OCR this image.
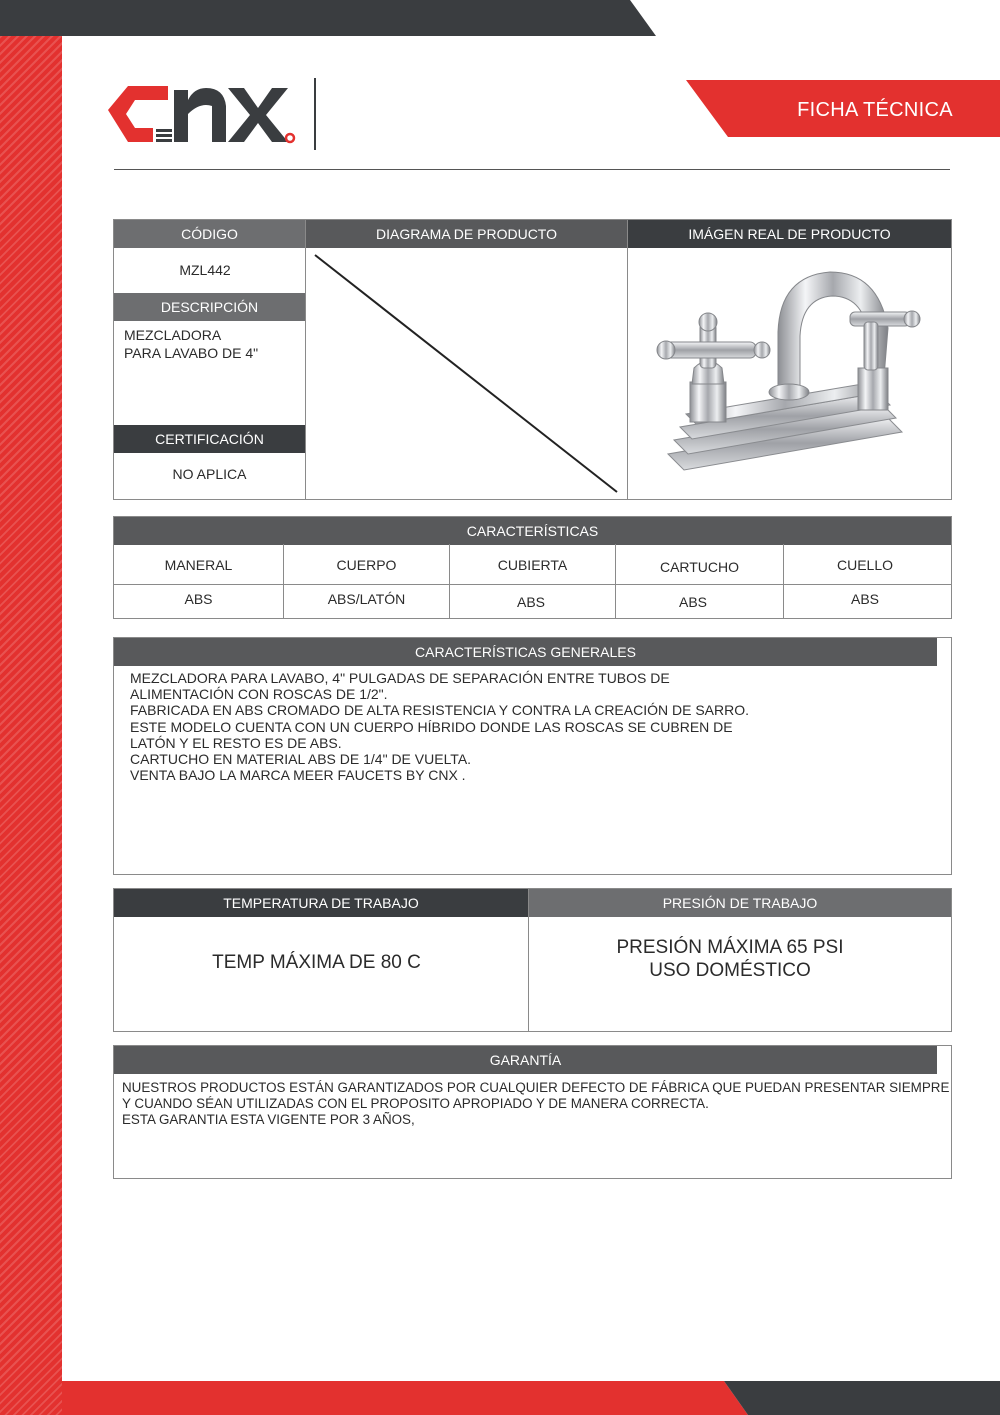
FICHA TÉCNICA
CÓDIGO	DIAGRAMA DE PRODUCTO	IMÁGEN REAL DE PRODUCTO
MZL442
DESCRIPCIÓN
MEZCLADORA
PARA LAVABO DE 4"
CERTIFICACIÓN
NO APLICA
CARACTERÍSTICAS
MANERAL	CUERPO	CUBIERTA	CARTUCHO	CUELLO
ABS	ABS/LATÓN	ABS	ABS	ABS
CARACTERÍSTICAS GENERALES
MEZCLADORA PARA LAVABO, 4" PULGADAS DE SEPARACIÓN ENTRE TUBOS DE
ALIMENTACIÓN CON ROSCAS DE 1/2".
FABRICADA EN ABS CROMADO DE ALTA RESISTENCIA Y CONTRA LA CREACIÓN DE SARRO.
ESTE MODELO CUENTA CON UN CUERPO HÍBRIDO DONDE LAS ROSCAS SE CUBREN DE
LATÓN Y EL RESTO ES DE ABS.
CARTUCHO EN MATERIAL ABS DE 1/4" DE VUELTA.
VENTA BAJO LA MARCA MEER FAUCETS BY CNX .
TEMPERATURA DE TRABAJO	PRESIÓN DE TRABAJO
TEMP MÁXIMA DE 80 C
PRESIÓN MÁXIMA 65 PSI
USO DOMÉSTICO
GARANTÍA
NUESTROS PRODUCTOS ESTÁN GARANTIZADOS POR CUALQUIER DEFECTO DE FÁBRICA QUE PUEDAN PRESENTAR SIEMPRE
Y CUANDO SÉAN UTILIZADAS CON EL PROPOSITO APROPIADO Y DE MANERA CORRECTA.
ESTA GARANTIA ESTA VIGENTE POR 3 AÑOS,
